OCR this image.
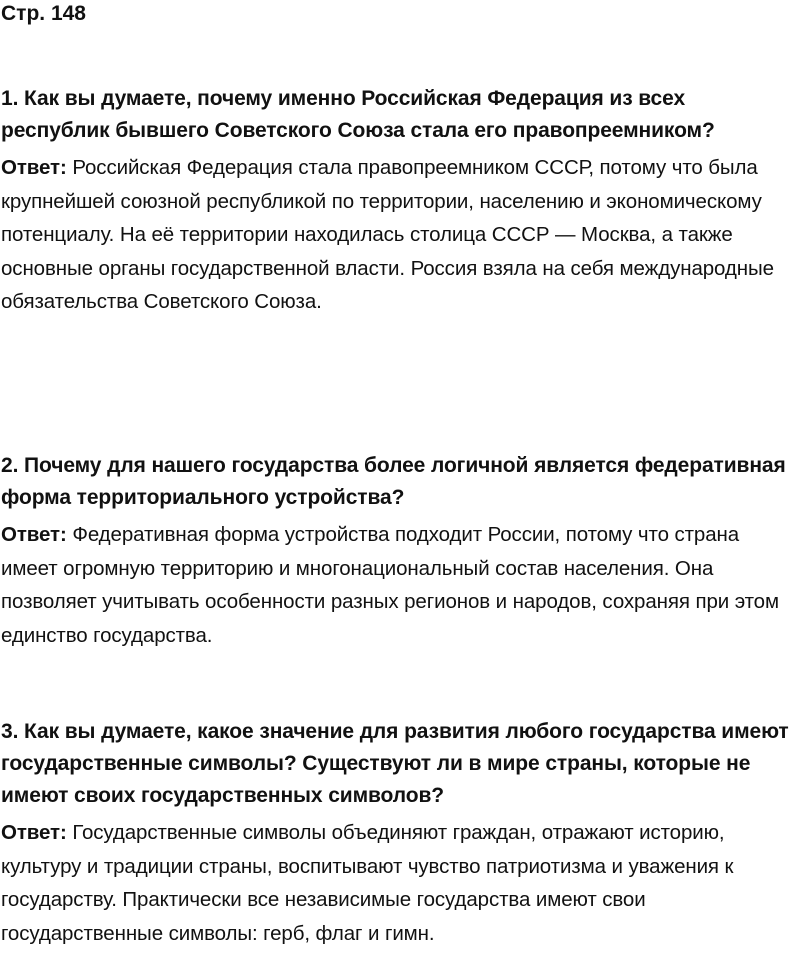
Стр. 148

1. Как вы думаете, почему именно Российская Федерация из всех республик бывшего Советского Союза стала его правопреемником?

Ответ: Российская Федерация стала правопреемником СССР, потому что была крупнейшей союзной республикой по территории, населению и экономическому потенциалу. На её территории находилась столица СССР — Москва, а также основные органы государственной власти. Россия взяла на себя международные обязательства Советского Союза.

2. Почему для нашего государства более логичной является федеративная форма территориального устройства?

Ответ: Федеративная форма устройства подходит России, потому что страна имеет огромную территорию и многонациональный состав населения. Она позволяет учитывать особенности разных регионов и народов, сохраняя при этом единство государства.

3. Как вы думаете, какое значение для развития любого государства имеют государственные символы? Существуют ли в мире страны, которые не имеют своих государственных символов?

Ответ: Государственные символы объединяют граждан, отражают историю, культуру и традиции страны, воспитывают чувство патриотизма и уважения к государству. Практически все независимые государства имеют свои государственные символы: герб, флаг и гимн.
